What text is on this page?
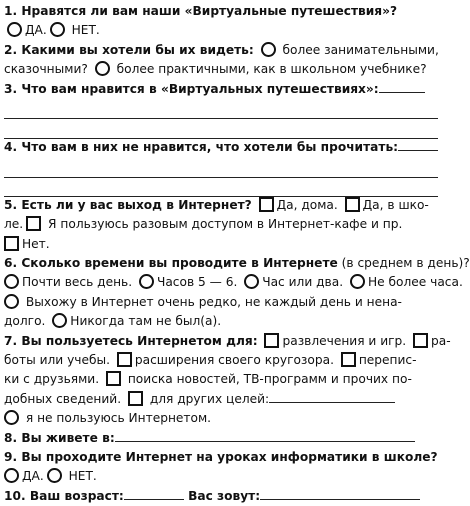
1. Нравятся ли вам наши «Виртуальные путешествия»?
ДА. НЕТ.
2. Какими вы хотели бы их видеть: более занимательными,
сказочными? более практичными, как в школьном учебнике?
3. Что вам нравится в «Виртуальных путешествиях»:
4. Что вам в них не нравится, что хотели бы прочитать:
5. Есть ли у вас выход в Интернет? Да, дома. Да, в шко-
ле. Я пользуюсь разовым доступом в Интернет-кафе и пр.
Нет.
6. Сколько времени вы проводите в Интернете (в среднем в день)?
Почти весь день. Часов 5 — 6. Час или два. Не более часа.
Выхожу в Интернет очень редко, не каждый день и нена-
долго. Никогда там не был(а).
7. Вы пользуетесь Интернетом для: развлечения и игр. ра-
боты или учебы. расширения своего кругозора. перепис-
ки с друзьями. поиска новостей, ТВ-программ и прочих по-
добных сведений. для других целей:
я не пользуюсь Интернетом.
8. Вы живете в:
9. Вы проходите Интернет на уроках информатики в школе?
ДА. НЕТ.
10. Ваш возраст:	Вас зовут:
